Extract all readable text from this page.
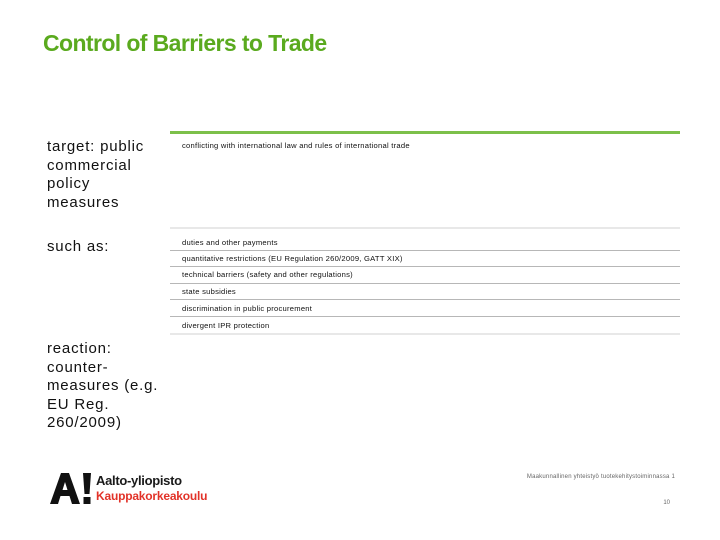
Control of Barriers to Trade
target: public commercial policy measures
such as:
reaction: counter-measures (e.g. EU Reg. 260/2009)
conflicting with international law and rules of international trade
duties and other payments
quantitative restrictions (EU Regulation 260/2009, GATT XIX)
technical barriers (safety and other regulations)
state subsidies
discrimination in public procurement
divergent IPR protection
Aalto-yliopisto
Kauppakorkeakoulu
Maakunnallinen yhteistyö tuotekehitystoiminnassa 1
10
